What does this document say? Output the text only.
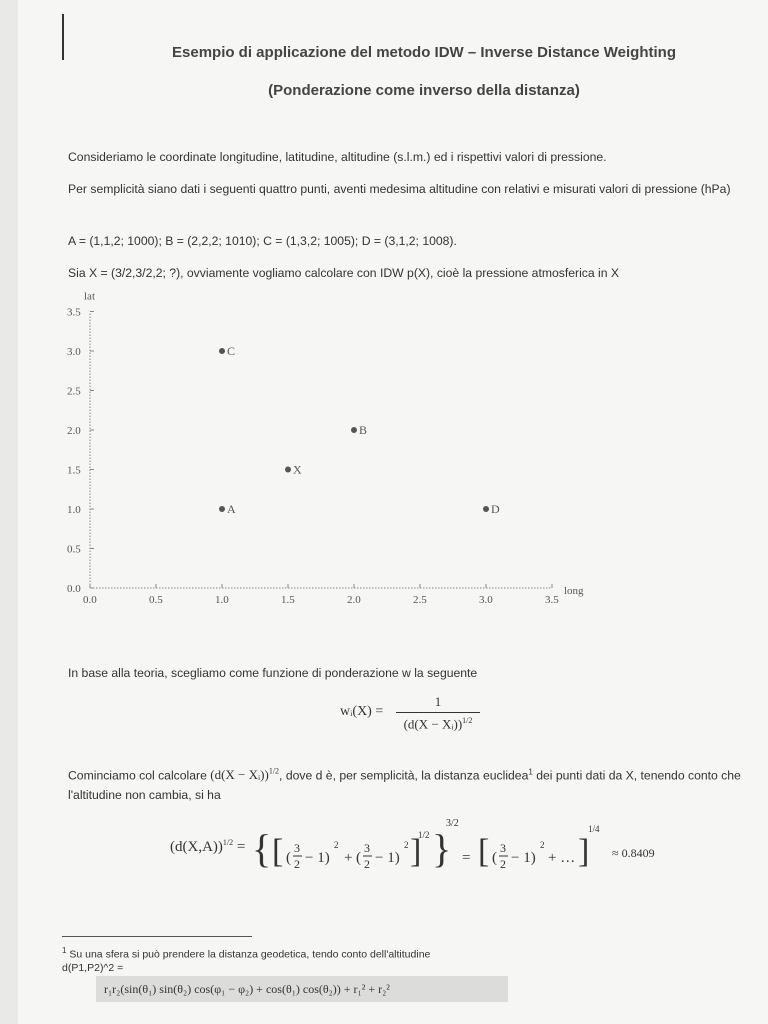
Esempio di applicazione del metodo IDW – Inverse Distance Weighting
(Ponderazione come inverso della distanza)
Consideriamo le coordinate longitudine, latitudine, altitudine (s.l.m.) ed i rispettivi valori di pressione.
Per semplicità siano dati i seguenti quattro punti, aventi medesima altitudine con relativi e misurati valori di pressione (hPa)
A = (1,1,2; 1000); B = (2,2,2; 1010); C = (1,3,2; 1005); D = (3,1,2; 1008).
Sia X = (3/2,3/2,2; ?), ovviamente vogliamo calcolare con IDW p(X), cioè la pressione atmosferica in X
0.0	0.5	1.0	1.5	2.0	2.5	3.0	3.5
0.0
0.5
1.0
1.5
2.0
2.5
3.0
3.5
long
lat
C
B
X
A	D
In base alla teoria, scegliamo come funzione di ponderazione w la seguente
wᵢ(X) = $\frac{1}{(d(X - Xᵢ))^{1/2}}$
Cominciamo col calcolare (d(X − Xᵢ))$^{1/2}$, dove d è, per semplicità, la distanza euclidea$^1$ dei punti dati da X, tenendo conto che l'altitudine non cambia, si ha
$(d(X,A))^{1/2}$ = { [ (
3
2 − 1)
2
+ (
3
2 − 1)
2 ]
1/2 }
3/2
= [ (
3
2 − 1)
2
+ … ]
1/4
≈ 0.8409
$^1$ Su una sfera si può prendere la distanza geodetica, tendo conto dell'altitudine
d(P1,P2)^2 =
r₁r₂(sin(θ₁) sin(θ₂) cos(φ₁ − φ₂) + cos(θ₁) cos(θ₂)) + r₁² + r₂²
